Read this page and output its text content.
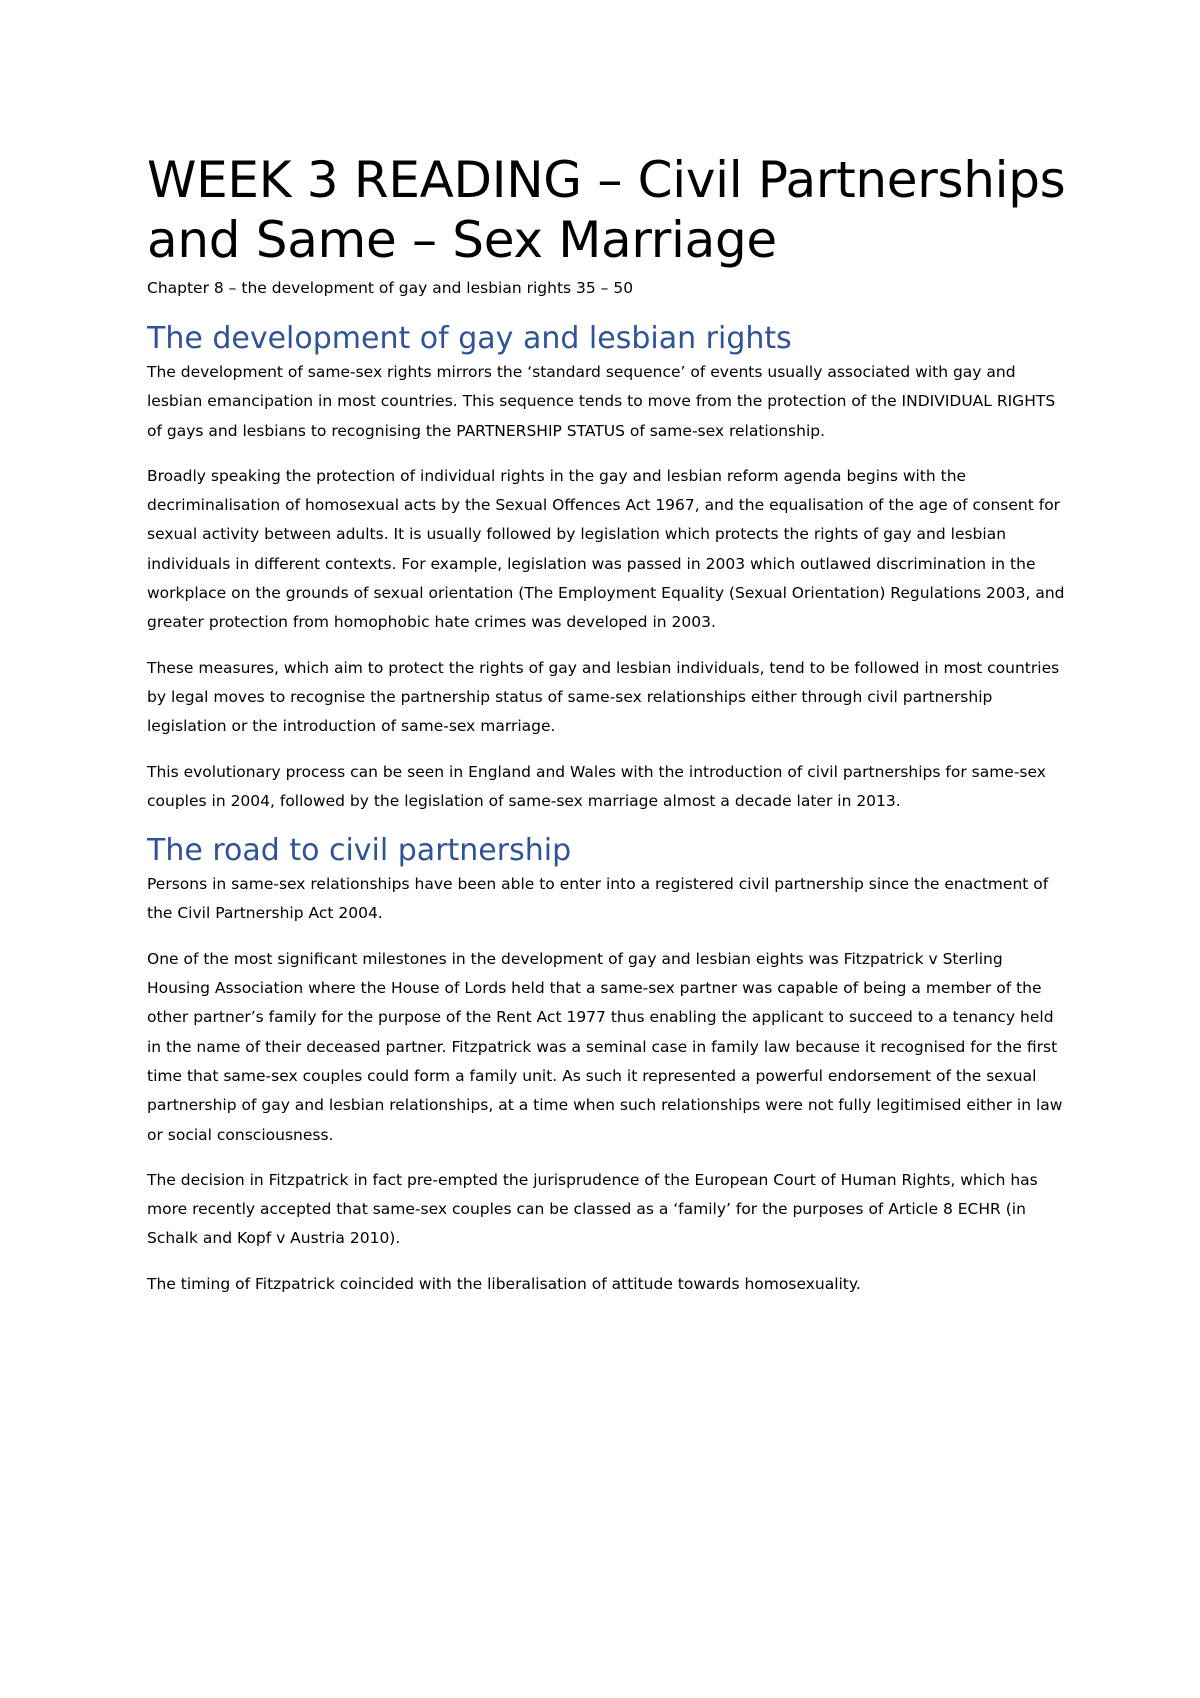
WEEK 3 READING – Civil Partnerships and Same – Sex Marriage

Chapter 8 – the development of gay and lesbian rights 35 – 50

The development of gay and lesbian rights

The development of same-sex rights mirrors the ‘standard sequence’ of events usually associated with gay and lesbian emancipation in most countries. This sequence tends to move from the protection of the INDIVIDUAL RIGHTS of gays and lesbians to recognising the PARTNERSHIP STATUS of same-sex relationship.

Broadly speaking the protection of individual rights in the gay and lesbian reform agenda begins with the decriminalisation of homosexual acts by the Sexual Offences Act 1967, and the equalisation of the age of consent for sexual activity between adults. It is usually followed by legislation which protects the rights of gay and lesbian individuals in different contexts. For example, legislation was passed in 2003 which outlawed discrimination in the workplace on the grounds of sexual orientation (The Employment Equality (Sexual Orientation) Regulations 2003, and greater protection from homophobic hate crimes was developed in 2003.

These measures, which aim to protect the rights of gay and lesbian individuals, tend to be followed in most countries by legal moves to recognise the partnership status of same-sex relationships either through civil partnership legislation or the introduction of same-sex marriage.

This evolutionary process can be seen in England and Wales with the introduction of civil partnerships for same-sex couples in 2004, followed by the legislation of same-sex marriage almost a decade later in 2013.

The road to civil partnership

Persons in same-sex relationships have been able to enter into a registered civil partnership since the enactment of the Civil Partnership Act 2004.

One of the most significant milestones in the development of gay and lesbian eights was Fitzpatrick v Sterling Housing Association where the House of Lords held that a same-sex partner was capable of being a member of the other partner’s family for the purpose of the Rent Act 1977 thus enabling the applicant to succeed to a tenancy held in the name of their deceased partner. Fitzpatrick was a seminal case in family law because it recognised for the first time that same-sex couples could form a family unit. As such it represented a powerful endorsement of the sexual partnership of gay and lesbian relationships, at a time when such relationships were not fully legitimised either in law or social consciousness.

The decision in Fitzpatrick in fact pre-empted the jurisprudence of the European Court of Human Rights, which has more recently accepted that same-sex couples can be classed as a ‘family’ for the purposes of Article 8 ECHR (in Schalk and Kopf v Austria 2010).

The timing of Fitzpatrick coincided with the liberalisation of attitude towards homosexuality.
